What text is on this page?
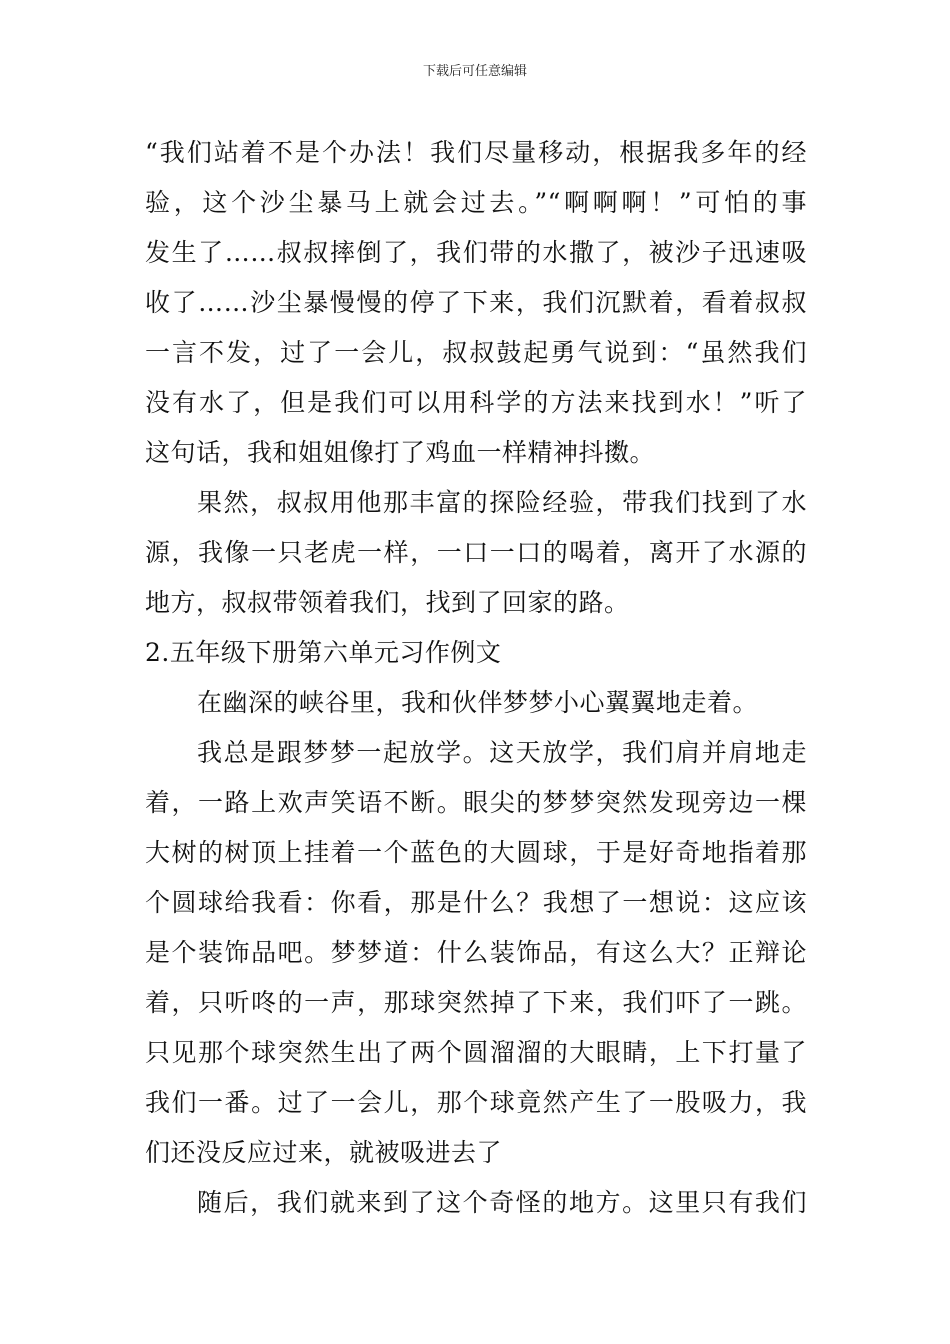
下载后可任意编辑
“我们站着不是个办法！我们尽量移动，根据我多年的经
验，这个沙尘暴马上就会过去。”“啊啊啊！”可怕的事
发生了……叔叔摔倒了，我们带的水撒了，被沙子迅速吸
收了……沙尘暴慢慢的停了下来，我们沉默着，看着叔叔
一言不发，过了一会儿，叔叔鼓起勇气说到：“虽然我们
没有水了，但是我们可以用科学的方法来找到水！”听了
这句话，我和姐姐像打了鸡血一样精神抖擞。
果然，叔叔用他那丰富的探险经验，带我们找到了水
源，我像一只老虎一样，一口一口的喝着，离开了水源的
地方，叔叔带领着我们，找到了回家的路。
2.五年级下册第六单元习作例文
在幽深的峡谷里，我和伙伴梦梦小心翼翼地走着。
我总是跟梦梦一起放学。这天放学，我们肩并肩地走
着，一路上欢声笑语不断。眼尖的梦梦突然发现旁边一棵
大树的树顶上挂着一个蓝色的大圆球，于是好奇地指着那
个圆球给我看：你看，那是什么？我想了一想说：这应该
是个装饰品吧。梦梦道：什么装饰品，有这么大？正辩论
着，只听咚的一声，那球突然掉了下来，我们吓了一跳。
只见那个球突然生出了两个圆溜溜的大眼睛，上下打量了
我们一番。过了一会儿，那个球竟然产生了一股吸力，我
们还没反应过来，就被吸进去了
随后，我们就来到了这个奇怪的地方。这里只有我们
